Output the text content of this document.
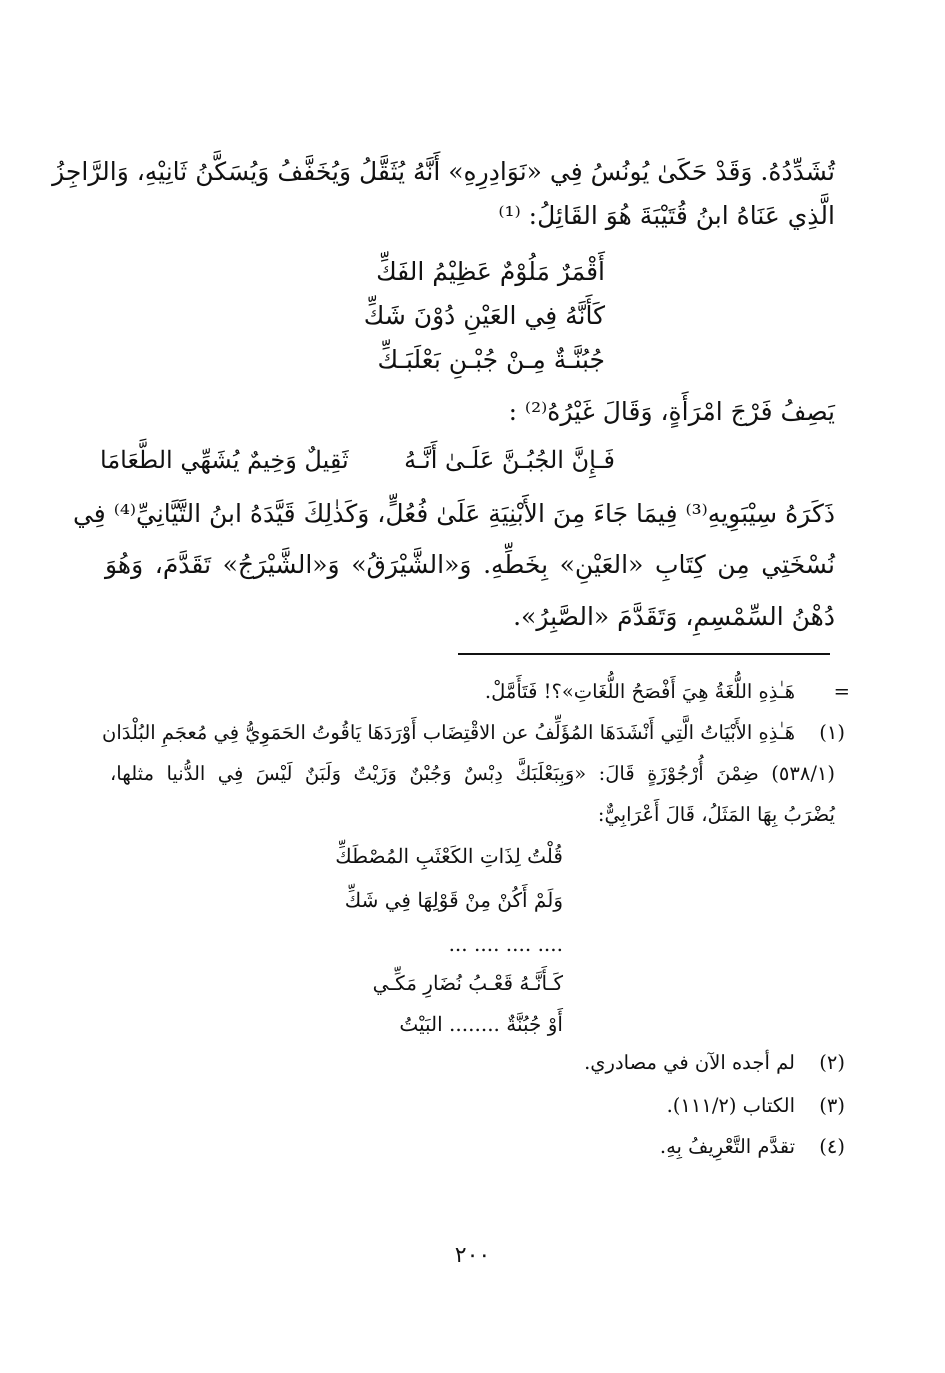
تُشَدِّدُهُ. وَقَدْ حَكَىٰ يُونُسُ فِي «نَوَادِرِهِ» أَنَّهُ يُثَقَّلُ وَيُخَفَّفُ وَيُسَكَّنُ ثَانِيْهِ، وَالرَّاجِزُ
الَّذِي عَنَاهُ ابنُ قُتَيْبَةَ هُوَ القَائِلُ: ⁽¹⁾
أَقْمَرٌ مَلُوْمٌ عَظِيْمُ الفَكِّ
كَأَنَّهُ فِي العَيْنِ دُوْنَ شَكِّ
جُبُنَّـةٌ مِـنْ جُبْـنِ بَعْلَبَـكِّ
يَصِفُ فَرْجَ امْرَأَةٍ، وَقَالَ غَيْرُهُ⁽²⁾ :
فَـإِنَّ الجُبُـنَّ عَلَـىٰ أَنَّـهُ
ثَقِيلٌ وَخِيمٌ يُشَهِّي الطَّعَامَا
ذَكَرَهُ سِيْبَوِيهِ⁽³⁾ فِيمَا جَاءَ مِنَ الأَبْنِيَةِ عَلَىٰ فُعُلٍّ، وَكَذٰلِكَ قَيَّدَهُ ابنُ التَّيَّانِيِّ⁽⁴⁾ فِي
نُسْخَتِي مِن كِتَابِ «العَيْنِ» بِخَطِّهِ. وَ«الشَّيْرَقُ» وَ«الشَّيْرَجُ» تَقَدَّمَ، وَهُوَ
دُهْنُ السِّمْسِمِ، وَتَقَدَّمَ «الصَّبِرُ».
=
هَـٰذِهِ اللُّغَةُ هِيَ أَفْصَحُ اللُّغَاتِ»؟! فَتَأَمَّلْ.
(١)
هَـٰذِهِ الأَبْيَاتُ الَّتِي أَنْشَدَهَا المُؤَلِّفُ عن الاقْتِضَاب أَوْرَدَهَا يَاقُوتُ الحَمَوِيُّ فِي مُعجَمِ البُلْدَان
(٥٣٨/١) ضِمْنَ أُرْجُوْزَةٍ قَالَ: «وَبِبَعْلَبَكَّ دِبْسٌ وَجُبْنٌ وَزَيْتٌ وَلَبَنٌ لَيْسَ فِي الدُّنيا مثلها،
يُضْرَبُ بِهَا المَثَلُ، قَالَ أَعْرَابِيٌّ:
قُلْتُ لِذَاتِ الكَعْثَبِ المُصْطَكِّ
وَلَمْ أَكُنْ مِنْ قَوْلِهَا فِي شَكِّ
.... .... .... ...
كَـأَنَّـهُ قَعْـبُ نُضَارِ مَكِّـي
أَوْ جُبُنَّةٌ ........ البَيْتُ
(٢)
لم أجده الآن في مصادري.
(٣)
الكتاب (١١١/٢).
(٤)
تقدَّم التَّعْرِيفُ بِهِ.
٢٠٠
